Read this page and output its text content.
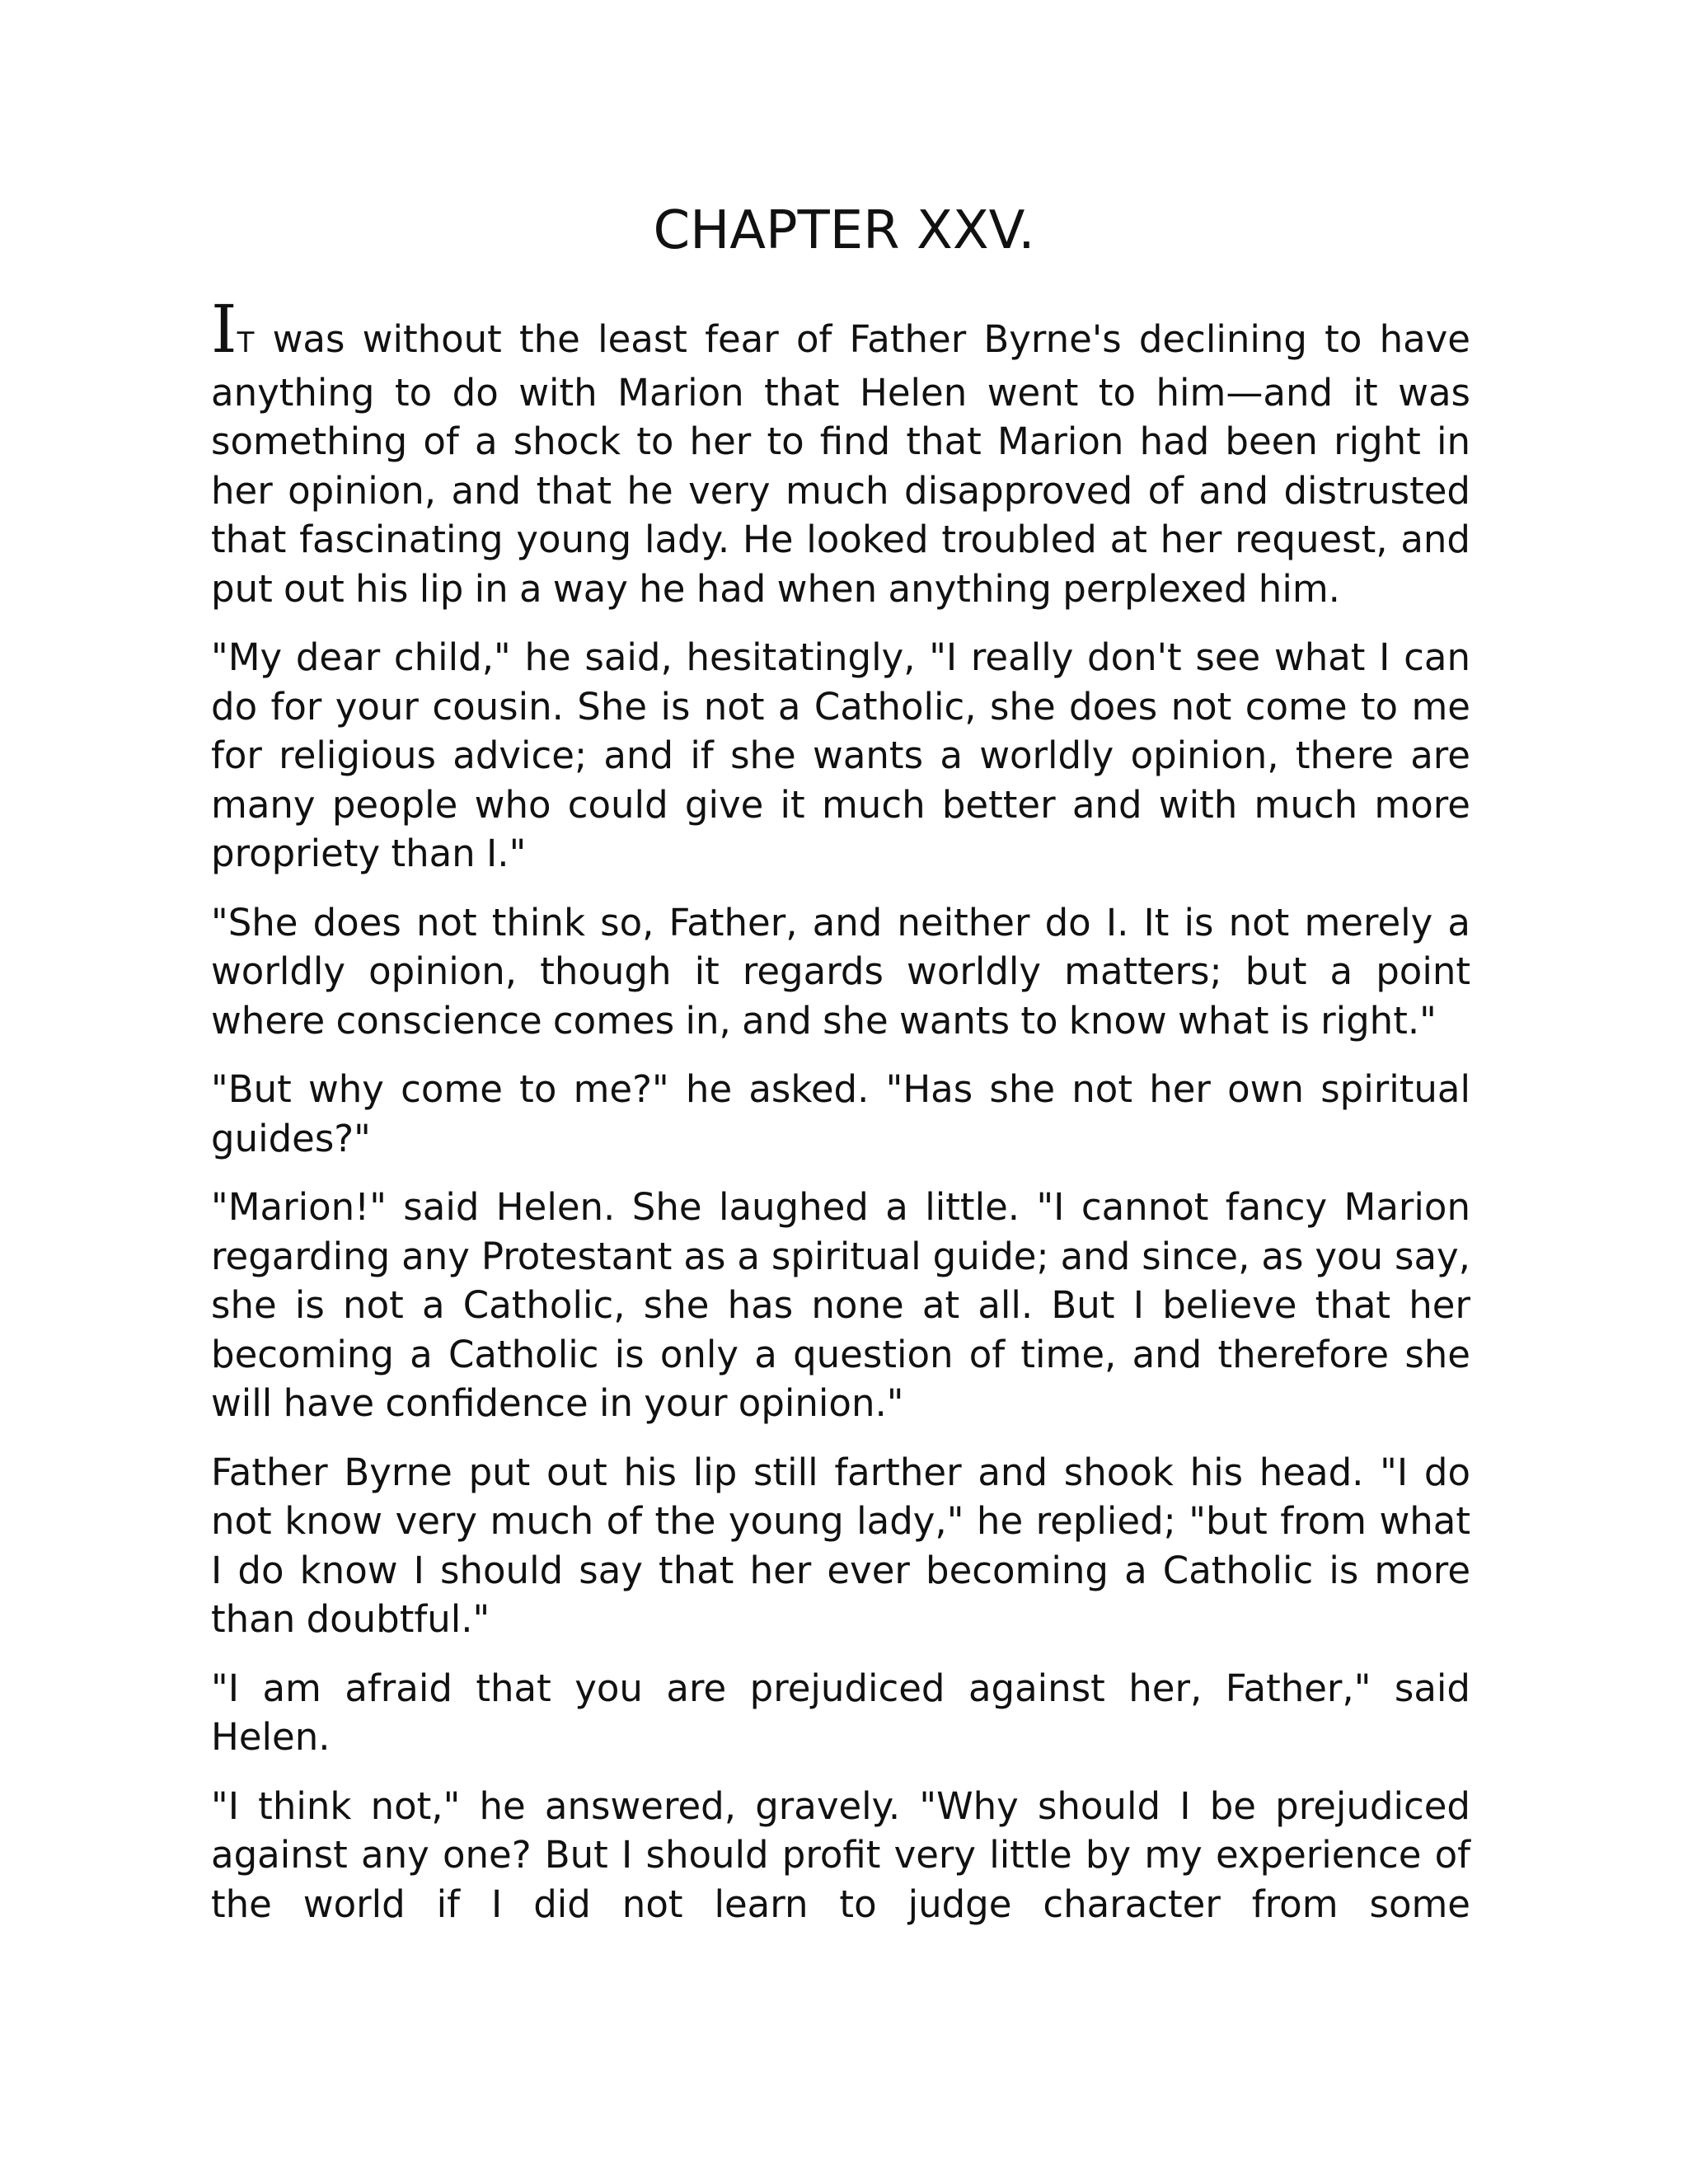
CHAPTER XXV.

IT was without the least fear of Father Byrne's declining to have anything to do with Marion that Helen went to him—and it was something of a shock to her to find that Marion had been right in her opinion, and that he very much disapproved of and distrusted that fascinating young lady. He looked troubled at her request, and put out his lip in a way he had when anything perplexed him.

"My dear child," he said, hesitatingly, "I really don't see what I can do for your cousin. She is not a Catholic, she does not come to me for religious advice; and if she wants a worldly opinion, there are many people who could give it much better and with much more propriety than I."

"She does not think so, Father, and neither do I. It is not merely a worldly opinion, though it regards worldly matters; but a point where conscience comes in, and she wants to know what is right."

"But why come to me?" he asked. "Has she not her own spiritual guides?"

"Marion!" said Helen. She laughed a little. "I cannot fancy Marion regarding any Protestant as a spiritual guide; and since, as you say, she is not a Catholic, she has none at all. But I believe that her becoming a Catholic is only a question of time, and therefore she will have confidence in your opinion."

Father Byrne put out his lip still farther and shook his head. "I do not know very much of the young lady," he replied; "but from what I do know I should say that her ever becoming a Catholic is more than doubtful."

"I am afraid that you are prejudiced against her, Father," said Helen.

"I think not," he answered, gravely. "Why should I be prejudiced against any one? But I should profit very little by my experience of the world if I did not learn to judge character from some
